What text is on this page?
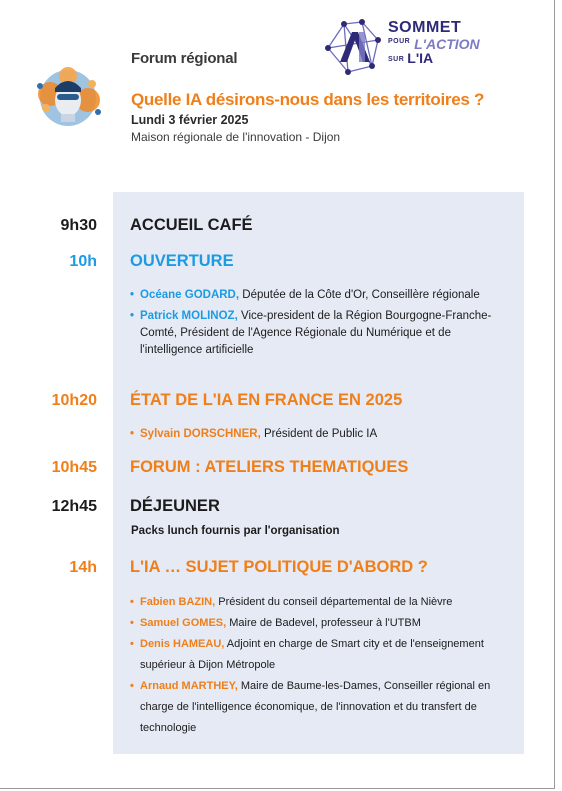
Forum régional
SOMMET
POUR L'ACTION
SUR L'IA
Quelle IA désirons-nous dans les territoires ?
Lundi 3 février 2025
Maison régionale de l'innovation - Dijon
9h30 ACCUEIL CAFÉ
10h OUVERTURE
• Océane GODARD, Députée de la Côte d'Or, Conseillère régionale
• Patrick MOLINOZ, Vice-president de la Région Bourgogne-Franche-Comté, Président de l'Agence Régionale du Numérique et de l'intelligence artificielle
10h20 ÉTAT DE L'IA EN FRANCE EN 2025
• Sylvain DORSCHNER, Président de Public IA
10h45 FORUM : ATELIERS THEMATIQUES
12h45 DÉJEUNER
Packs lunch fournis par l'organisation
14h L'IA … SUJET POLITIQUE D'ABORD ?
• Fabien BAZIN, Président du conseil départemental de la Nièvre
• Samuel GOMES, Maire de Badevel, professeur à l'UTBM
• Denis HAMEAU, Adjoint en charge de Smart city et de l'enseignement supérieur à Dijon Métropole
• Arnaud MARTHEY, Maire de Baume-les-Dames, Conseiller régional en charge de l'intelligence économique, de l'innovation et du transfert de technologie
